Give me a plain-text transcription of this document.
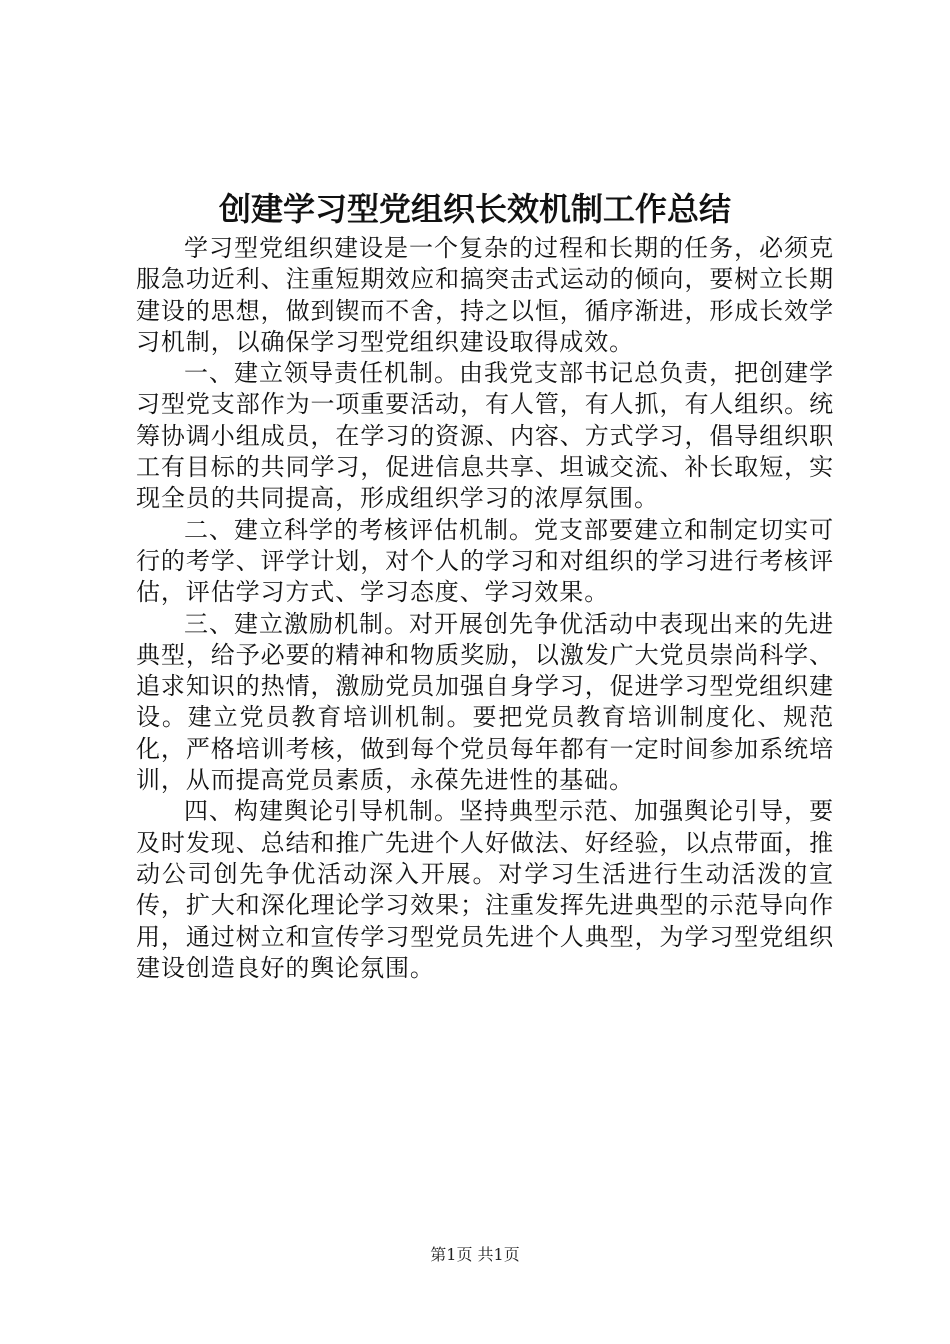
创建学习型党组织长效机制工作总结

学习型党组织建设是一个复杂的过程和长期的任务，必须克服急功近利、注重短期效应和搞突击式运动的倾向，要树立长期建设的思想，做到锲而不舍，持之以恒，循序渐进，形成长效学习机制，以确保学习型党组织建设取得成效。

一、建立领导责任机制。由我党支部书记总负责，把创建学习型党支部作为一项重要活动，有人管，有人抓，有人组织。统筹协调小组成员，在学习的资源、内容、方式学习，倡导组织职工有目标的共同学习，促进信息共享、坦诚交流、补长取短，实现全员的共同提高，形成组织学习的浓厚氛围。

二、建立科学的考核评估机制。党支部要建立和制定切实可行的考学、评学计划，对个人的学习和对组织的学习进行考核评估，评估学习方式、学习态度、学习效果。

三、建立激励机制。对开展创先争优活动中表现出来的先进典型，给予必要的精神和物质奖励，以激发广大党员崇尚科学、追求知识的热情，激励党员加强自身学习，促进学习型党组织建设。建立党员教育培训机制。要把党员教育培训制度化、规范化，严格培训考核，做到每个党员每年都有一定时间参加系统培训，从而提高党员素质，永葆先进性的基础。

四、构建舆论引导机制。坚持典型示范、加强舆论引导，要及时发现、总结和推广先进个人好做法、好经验，以点带面，推动公司创先争优活动深入开展。对学习生活进行生动活泼的宣传，扩大和深化理论学习效果；注重发挥先进典型的示范导向作用，通过树立和宣传学习型党员先进个人典型，为学习型党组织建设创造良好的舆论氛围。

第1页 共1页
